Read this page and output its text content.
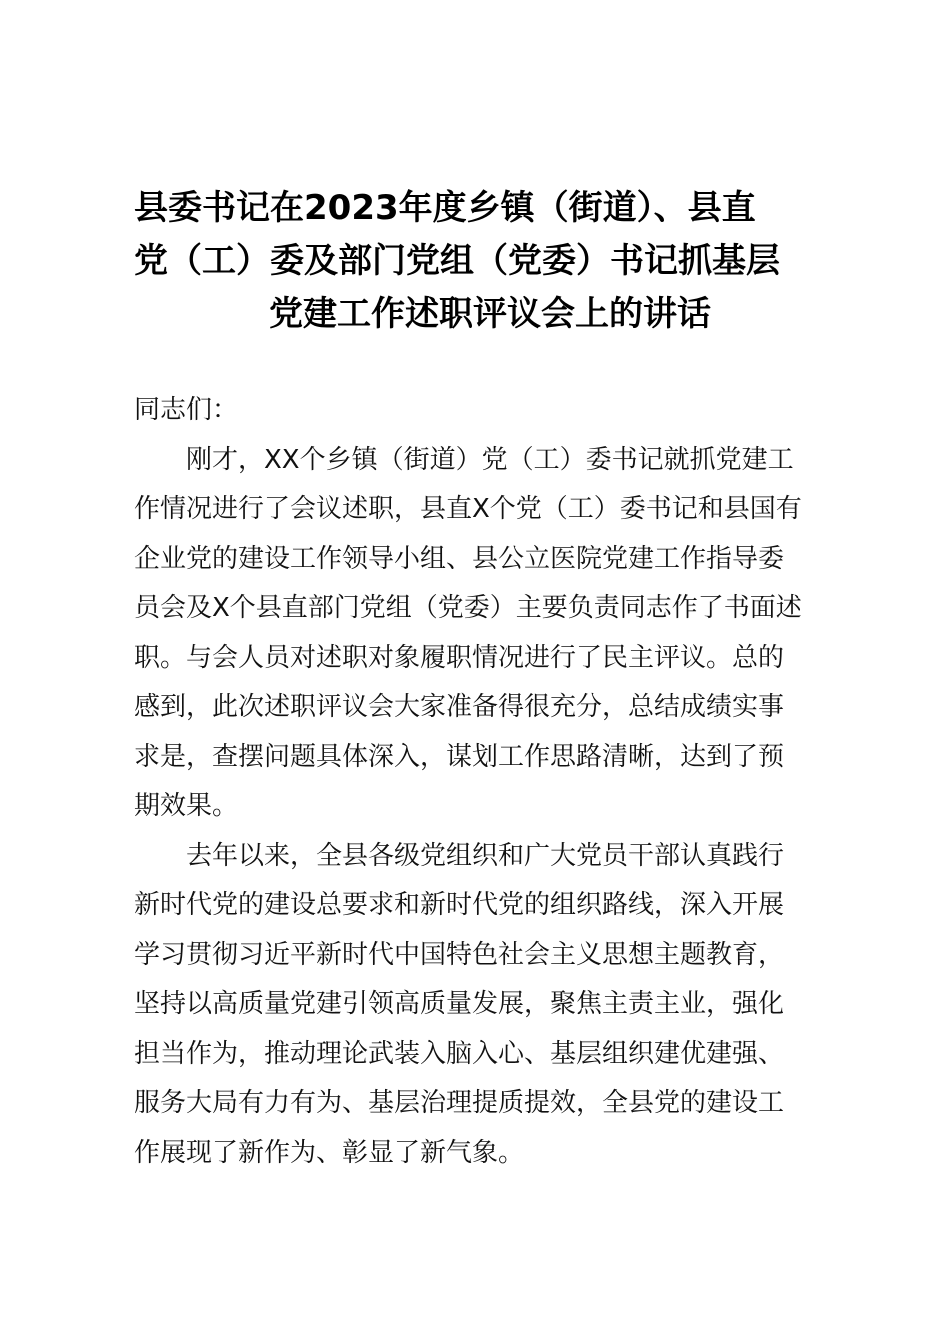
县委书记在2023年度乡镇（街道）、县直
党（工）委及部门党组（党委）书记抓基层
党建工作述职评议会上的讲话
同志们：
刚才，XX个乡镇（街道）党（工）委书记就抓党建工
作情况进行了会议述职，县直X个党（工）委书记和县国有
企业党的建设工作领导小组、县公立医院党建工作指导委
员会及X个县直部门党组（党委）主要负责同志作了书面述
职。与会人员对述职对象履职情况进行了民主评议。总的
感到，此次述职评议会大家准备得很充分，总结成绩实事
求是，查摆问题具体深入，谋划工作思路清晰，达到了预
期效果。
去年以来，全县各级党组织和广大党员干部认真践行
新时代党的建设总要求和新时代党的组织路线，深入开展
学习贯彻习近平新时代中国特色社会主义思想主题教育，
坚持以高质量党建引领高质量发展，聚焦主责主业，强化
担当作为，推动理论武装入脑入心、基层组织建优建强、
服务大局有力有为、基层治理提质提效，全县党的建设工
作展现了新作为、彰显了新气象。
